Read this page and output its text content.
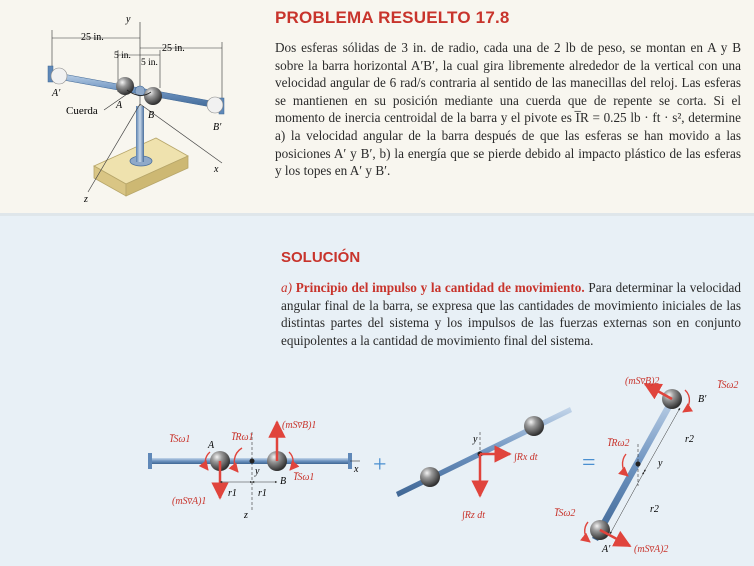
25 in.
5 in.
5 in.
25 in.
y
x
z
A′
B′
A
B
Cuerda
PROBLEMA RESUELTO 17.8
Dos esferas sólidas de 3 in. de radio, cada una de 2 lb de peso, se montan en A y B sobre la barra horizontal A′B′, la cual gira libremente alrededor de la vertical con una velocidad angular de 6 rad/s contraria al sentido de las manecillas del reloj. Las esferas se mantienen en su posición mediante una cuerda que de repente se corta. Si el momento de inercia centroidal de la barra y el pivote es I̅R = 0.25 lb · ft · s², determine a) la velocidad angular de la barra después de que las esferas se han movido a las posiciones A′ y B′, b) la energía que se pierde debido al impacto plástico de las esferas y los topes en A′ y B′.
SOLUCIÓN
a) Principio del impulso y la cantidad de movimiento. Para determinar la velocidad angular final de la barra, se expresa que las cantidades de movimiento iniciales de las distintas partes del sistema y los impulsos de las fuerzas externas son en conjunto equipolentes a la cantidad de movimiento final del sistema.
I̅Sω1	I̅Rω1
(mSv̅B)1
I̅Sω1
(mSv̅A)1
A
B
y	x
z
r1 r1
+
y
∫Rx dt
∫Rz dt
=
(mSv̅B)2	I̅Sω2
B′
I̅Rω2
y
r2
r2
I̅Sω2
A′ (mSv̅A)2
